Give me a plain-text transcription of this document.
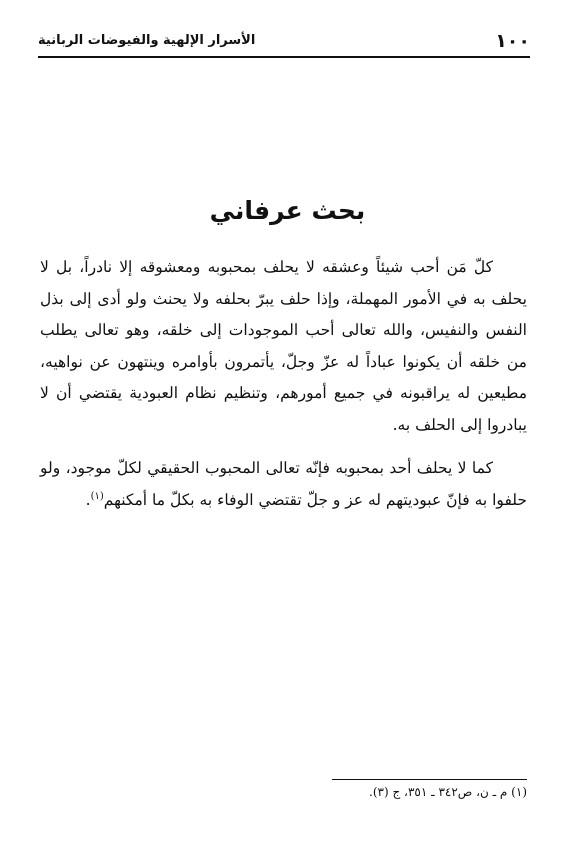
١٠٠
الأسرار الإلهية والفيوضات الربانية
بحث عرفاني

كلّ مَن أحب شيئاً وعشقه لا يحلف بمحبوبه ومعشوقه إلا نادراً، بل لا يحلف به في الأمور المهملة، وإذا حلف يبرّ بحلفه ولا يحنث ولو أدى إلى بذل النفس والنفيس، والله تعالى أحب الموجودات إلى خلقه، وهو تعالى يطلب من خلقه أن يكونوا عباداً له عزّ وجلّ، يأتمرون بأوامره وينتهون عن نواهيه، مطيعين له يراقبونه في جميع أمورهم، وتنظيم نظام العبودية يقتضي أن لا يبادروا إلى الحلف به.

كما لا يحلف أحد بمحبوبه فإنّه تعالى المحبوب الحقيقي لكلّ موجود، ولو حلفوا به فإنّ عبوديتهم له عز و جلّ تقتضي الوفاء به بكلّ ما أمكنهم$^{(١)}$.

(١) م ـ ن، ص٣٤٢ ـ ٣٥١، ج (٣).
